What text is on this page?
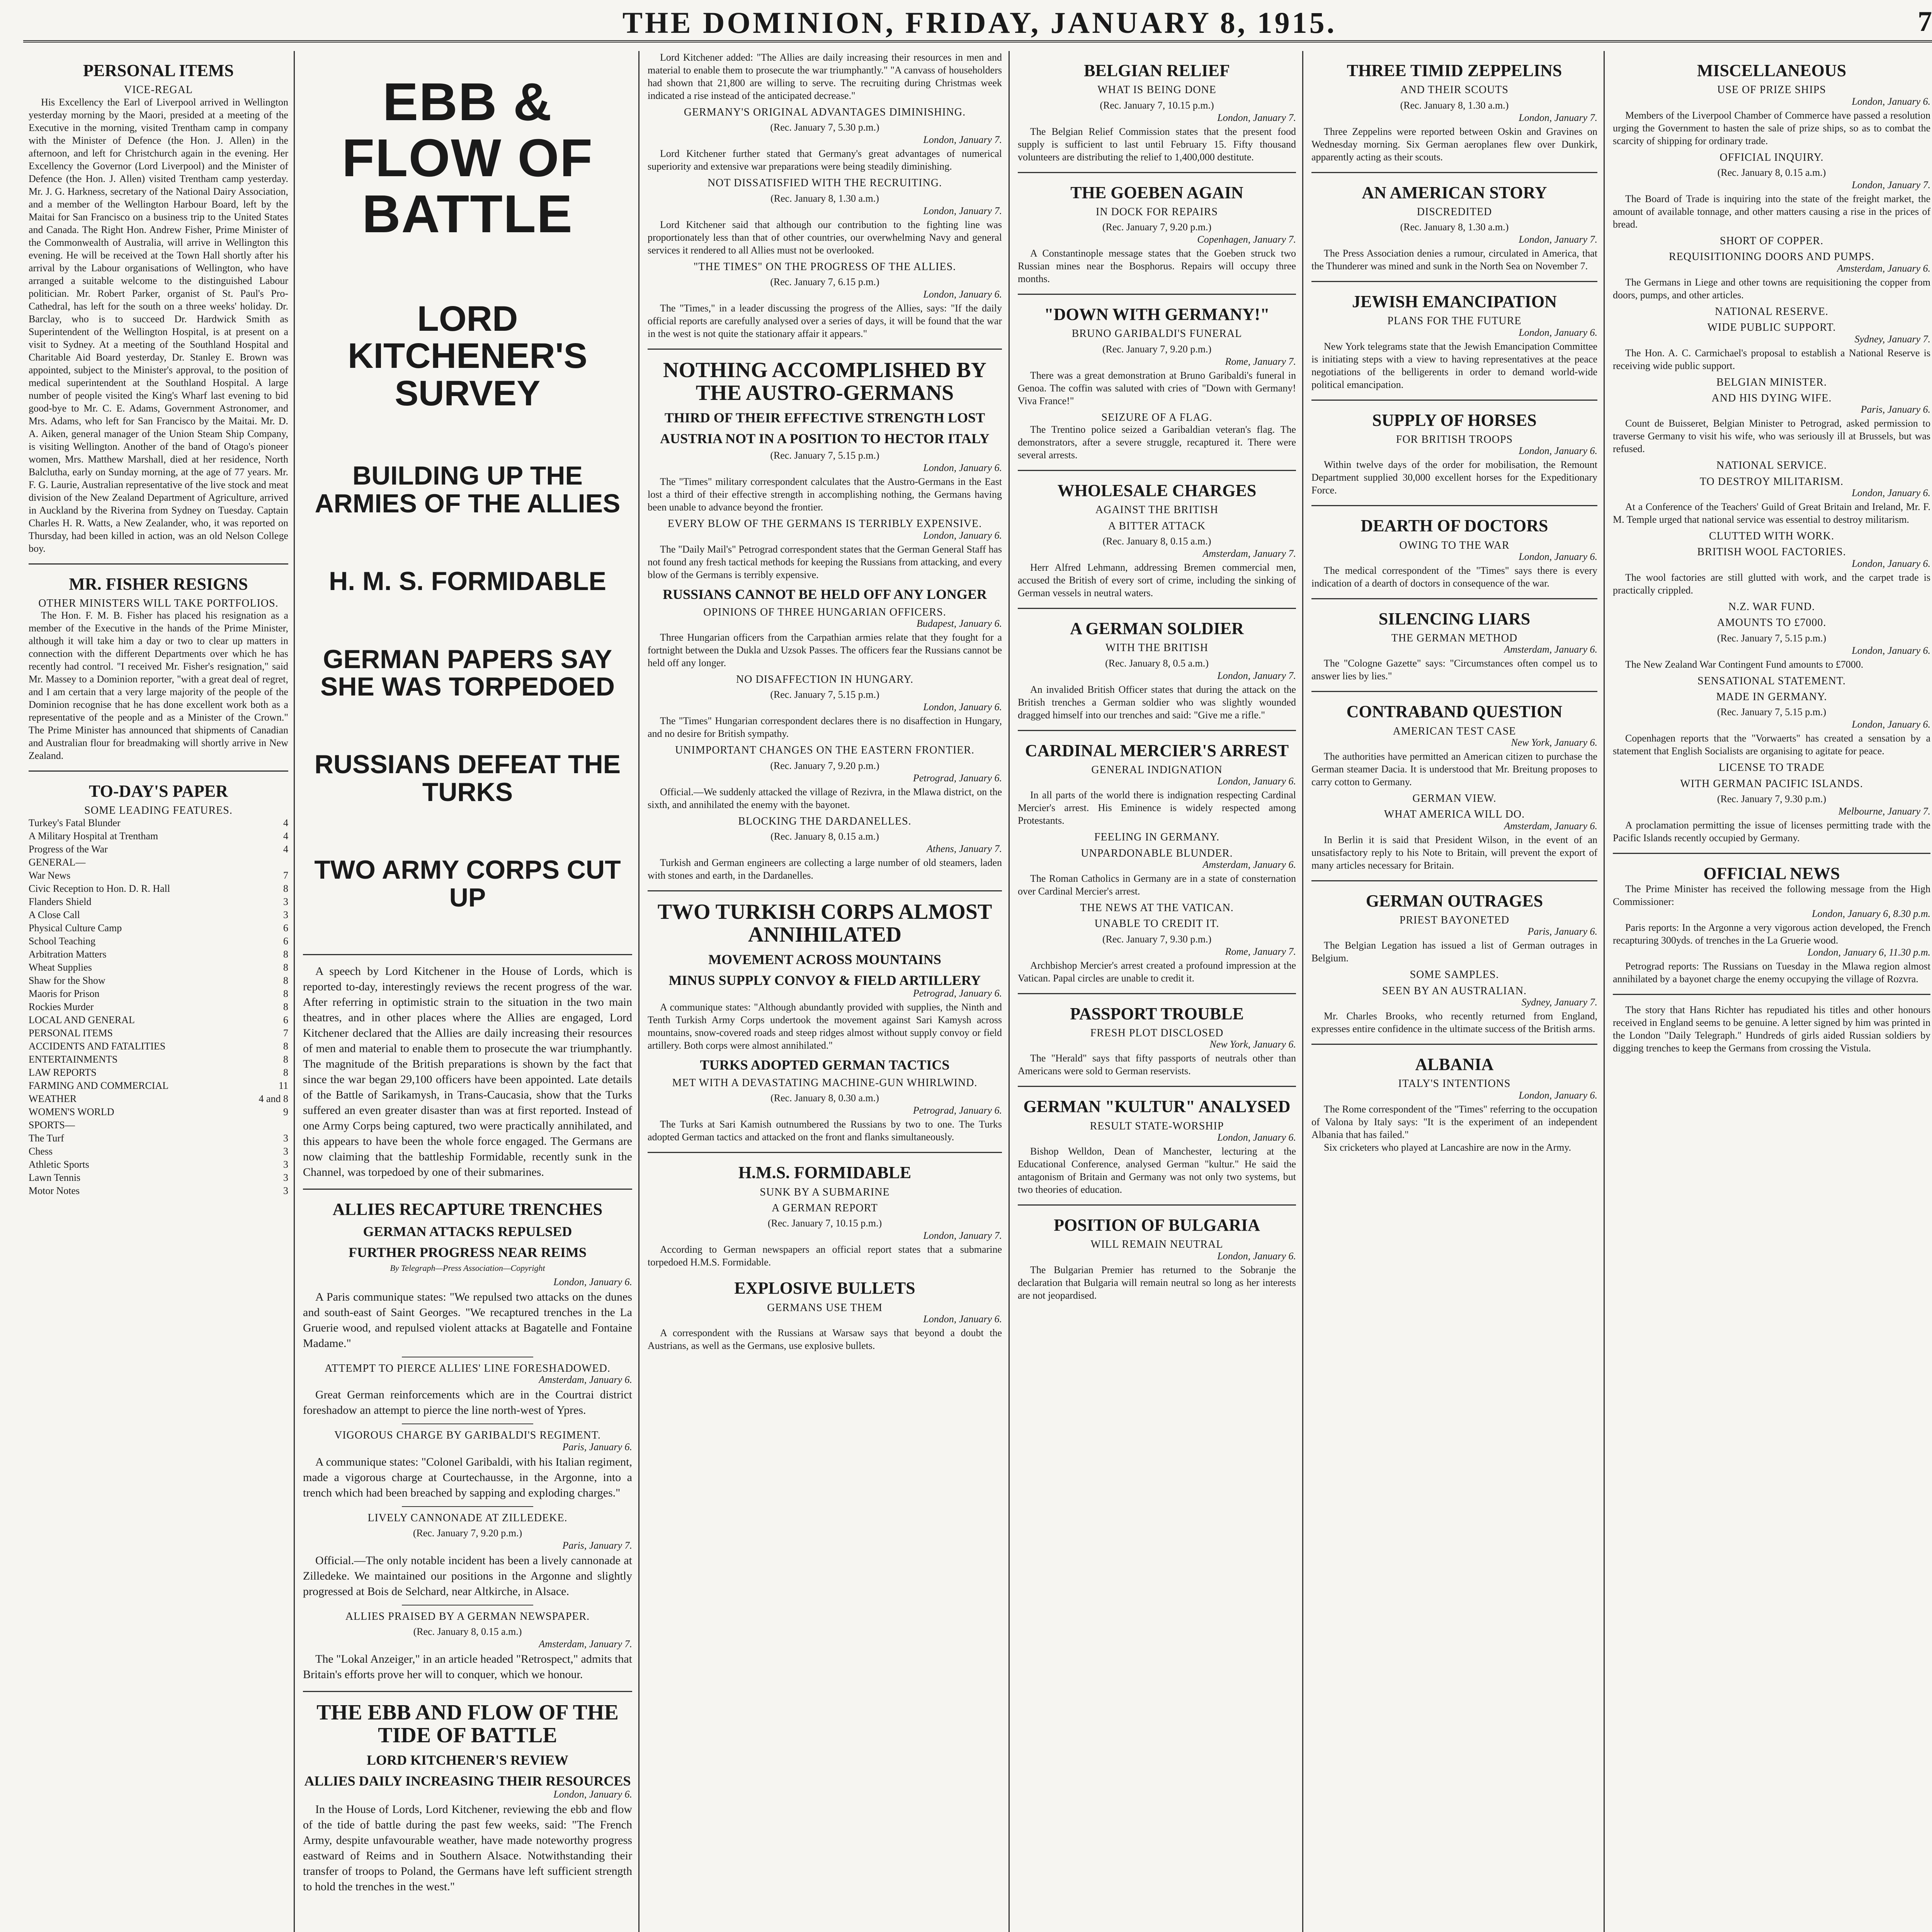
THE DOMINION, FRIDAY, JANUARY 8, 1915.	7

PERSONAL ITEMS

VICE-REGAL

His Excellency the Earl of Liverpool arrived in Wellington yesterday morning by the Maori, presided at a meeting of the Executive in the morning, visited Trentham camp in company with the Minister of Defence (the Hon. J. Allen) in the afternoon, and left for Christchurch again in the evening. Her Excellency the Governor (Lord Liverpool) and the Minister of Defence (the Hon. J. Allen) visited Trentham camp yesterday. Mr. J. G. Harkness, secretary of the National Dairy Association, and a member of the Wellington Harbour Board, left by the Maitai for San Francisco on a business trip to the United States and Canada. The Right Hon. Andrew Fisher, Prime Minister of the Commonwealth of Australia, will arrive in Wellington this evening. He will be received at the Town Hall shortly after his arrival by the Labour organisations of Wellington, who have arranged a suitable welcome to the distinguished Labour politician. Mr. Robert Parker, organist of St. Paul's Pro-Cathedral, has left for the south on a three weeks' holiday. Dr. Barclay, who is to succeed Dr. Hardwick Smith as Superintendent of the Wellington Hospital, is at present on a visit to Sydney. At a meeting of the Southland Hospital and Charitable Aid Board yesterday, Dr. Stanley E. Brown was appointed, subject to the Minister's approval, to the position of medical superintendent at the Southland Hospital. A large number of people visited the King's Wharf last evening to bid good-bye to Mr. C. E. Adams, Government Astronomer, and Mrs. Adams, who left for San Francisco by the Maitai. Mr. D. A. Aiken, general manager of the Union Steam Ship Company, is visiting Wellington. Another of the band of Otago's pioneer women, Mrs. Matthew Marshall, died at her residence, North Balclutha, early on Sunday morning, at the age of 77 years. Mr. F. G. Laurie, Australian representative of the live stock and meat division of the New Zealand Department of Agriculture, arrived in Auckland by the Riverina from Sydney on Tuesday. Captain Charles H. R. Watts, a New Zealander, who, it was reported on Thursday, had been killed in action, was an old Nelson College boy.

MR. FISHER RESIGNS

OTHER MINISTERS WILL TAKE PORTFOLIOS.

The Hon. F. M. B. Fisher has placed his resignation as a member of the Executive in the hands of the Prime Minister, although it will take him a day or two to clear up matters in connection with the different Departments over which he has recently had control. "I received Mr. Fisher's resignation," said Mr. Massey to a Dominion reporter, "with a great deal of regret, and I am certain that a very large majority of the people of the Dominion recognise that he has done excellent work both as a representative of the people and as a Minister of the Crown." The Prime Minister has announced that shipments of Canadian and Australian flour for breadmaking will shortly arrive in New Zealand.

TO-DAY'S PAPER

SOME LEADING FEATURES.

Turkey's Fatal Blunder	4
A Military Hospital at Trentham	4
Progress of the War	4
GENERAL—
War News	7
Civic Reception to Hon. D. R. Hall	8
Flanders Shield	3
A Close Call	3
Physical Culture Camp	6
School Teaching	6
Arbitration Matters	8
Wheat Supplies	8
Shaw for the Show	8
Maoris for Prison	8
Rockies Murder	8
LOCAL AND GENERAL	6
PERSONAL ITEMS	7
ACCIDENTS AND FATALITIES	8
ENTERTAINMENTS	8
LAW REPORTS	8
FARMING AND COMMERCIAL	11
WEATHER	4 and 8
WOMEN'S WORLD	9
SPORTS—
The Turf	3
Chess	3
Athletic Sports	3
Lawn Tennis	3
Motor Notes	3

EBB & FLOW OF BATTLE

LORD KITCHENER'S SURVEY

BUILDING UP THE ARMIES OF THE ALLIES

H. M. S. FORMIDABLE

GERMAN PAPERS SAY SHE WAS TORPEDOED

RUSSIANS DEFEAT THE TURKS

TWO ARMY CORPS CUT UP

A speech by Lord Kitchener in the House of Lords, which is reported to-day, interestingly reviews the recent progress of the war. After referring in optimistic strain to the situation in the two main theatres, and in other places where the Allies are engaged, Lord Kitchener declared that the Allies are daily increasing their resources of men and material to enable them to prosecute the war triumphantly. The magnitude of the British preparations is shown by the fact that since the war began 29,100 officers have been appointed. Late details of the Battle of Sarikamysh, in Trans-Caucasia, show that the Turks suffered an even greater disaster than was at first reported. Instead of one Army Corps being captured, two were practically annihilated, and this appears to have been the whole force engaged. The Germans are now claiming that the battleship Formidable, recently sunk in the Channel, was torpedoed by one of their submarines.

ALLIES RECAPTURE TRENCHES

GERMAN ATTACKS REPULSED

FURTHER PROGRESS NEAR REIMS

By Telegraph—Press Association—Copyright

London, January 6.

A Paris communique states: "We repulsed two attacks on the dunes and south-east of Saint Georges. "We recaptured trenches in the La Gruerie wood, and repulsed violent attacks at Bagatelle and Fontaine Madame."

ATTEMPT TO PIERCE ALLIES' LINE FORESHADOWED.

Amsterdam, January 6.

Great German reinforcements which are in the Courtrai district foreshadow an attempt to pierce the line north-west of Ypres.

VIGOROUS CHARGE BY GARIBALDI'S REGIMENT.

Paris, January 6.

A communique states: "Colonel Garibaldi, with his Italian regiment, made a vigorous charge at Courtechausse, in the Argonne, into a trench which had been breached by sapping and exploding charges."

LIVELY CANNONADE AT ZILLEDEKE.

(Rec. January 7, 9.20 p.m.)

Paris, January 7.

Official.—The only notable incident has been a lively cannonade at Zilledeke. We maintained our positions in the Argonne and slightly progressed at Bois de Selchard, near Altkirche, in Alsace.

ALLIES PRAISED BY A GERMAN NEWSPAPER.

(Rec. January 8, 0.15 a.m.)

Amsterdam, January 7.

The "Lokal Anzeiger," in an article headed "Retrospect," admits that Britain's efforts prove her will to conquer, which we honour.

THE EBB AND FLOW OF THE TIDE OF BATTLE

LORD KITCHENER'S REVIEW

ALLIES DAILY INCREASING THEIR RESOURCES

London, January 6.

In the House of Lords, Lord Kitchener, reviewing the ebb and flow of the tide of battle during the past few weeks, said: "The French Army, despite unfavourable weather, have made noteworthy progress eastward of Reims and in Southern Alsace. Notwithstanding their transfer of troops to Poland, the Germans have left sufficient strength to hold the trenches in the west."

Lord Kitchener added: "The Allies are daily increasing their resources in men and material to enable them to prosecute the war triumphantly." "A canvass of householders had shown that 21,800 are willing to serve. The recruiting during Christmas week indicated a rise instead of the anticipated decrease."

GERMANY'S ORIGINAL ADVANTAGES DIMINISHING.

(Rec. January 7, 5.30 p.m.)

London, January 7.

Lord Kitchener further stated that Germany's great advantages of numerical superiority and extensive war preparations were being steadily diminishing.

NOT DISSATISFIED WITH THE RECRUITING.

(Rec. January 8, 1.30 a.m.)

London, January 7.

Lord Kitchener said that although our contribution to the fighting line was proportionately less than that of other countries, our overwhelming Navy and general services it rendered to all Allies must not be overlooked.

"THE TIMES" ON THE PROGRESS OF THE ALLIES.

(Rec. January 7, 6.15 p.m.)

London, January 6.

The "Times," in a leader discussing the progress of the Allies, says: "If the daily official reports are carefully analysed over a series of days, it will be found that the war in the west is not quite the stationary affair it appears."

NOTHING ACCOMPLISHED BY THE AUSTRO-GERMANS

THIRD OF THEIR EFFECTIVE STRENGTH LOST

AUSTRIA NOT IN A POSITION TO HECTOR ITALY

(Rec. January 7, 5.15 p.m.)

London, January 6.

The "Times" military correspondent calculates that the Austro-Germans in the East lost a third of their effective strength in accomplishing nothing, the Germans having been unable to advance beyond the frontier.

EVERY BLOW OF THE GERMANS IS TERRIBLY EXPENSIVE.

London, January 6.

The "Daily Mail's" Petrograd correspondent states that the German General Staff has not found any fresh tactical methods for keeping the Russians from attacking, and every blow of the Germans is terribly expensive.

RUSSIANS CANNOT BE HELD OFF ANY LONGER

OPINIONS OF THREE HUNGARIAN OFFICERS.

Budapest, January 6.

Three Hungarian officers from the Carpathian armies relate that they fought for a fortnight between the Dukla and Uzsok Passes. The officers fear the Russians cannot be held off any longer.

NO DISAFFECTION IN HUNGARY.

(Rec. January 7, 5.15 p.m.)

London, January 6.

The "Times" Hungarian correspondent declares there is no disaffection in Hungary, and no desire for British sympathy.

UNIMPORTANT CHANGES ON THE EASTERN FRONTIER.

(Rec. January 7, 9.20 p.m.)

Petrograd, January 6.

Official.—We suddenly attacked the village of Rezivra, in the Mlawa district, on the sixth, and annihilated the enemy with the bayonet.

BLOCKING THE DARDANELLES.

(Rec. January 8, 0.15 a.m.)

Athens, January 7.

Turkish and German engineers are collecting a large number of old steamers, laden with stones and earth, in the Dardanelles.

TWO TURKISH CORPS ALMOST ANNIHILATED

MOVEMENT ACROSS MOUNTAINS

MINUS SUPPLY CONVOY & FIELD ARTILLERY

Petrograd, January 6.

A communique states: "Although abundantly provided with supplies, the Ninth and Tenth Turkish Army Corps undertook the movement against Sari Kamysh across mountains, snow-covered roads and steep ridges almost without supply convoy or field artillery. Both corps were almost annihilated."

TURKS ADOPTED GERMAN TACTICS

MET WITH A DEVASTATING MACHINE-GUN WHIRLWIND.

(Rec. January 8, 0.30 a.m.)

Petrograd, January 6.

The Turks at Sari Kamish outnumbered the Russians by two to one. The Turks adopted German tactics and attacked on the front and flanks simultaneously.

H.M.S. FORMIDABLE

SUNK BY A SUBMARINE

A GERMAN REPORT

(Rec. January 7, 10.15 p.m.)

London, January 7.

According to German newspapers an official report states that a submarine torpedoed H.M.S. Formidable.

EXPLOSIVE BULLETS

GERMANS USE THEM

London, January 6.

A correspondent with the Russians at Warsaw says that beyond a doubt the Austrians, as well as the Germans, use explosive bullets.

BELGIAN RELIEF

WHAT IS BEING DONE

(Rec. January 7, 10.15 p.m.)

London, January 7.

The Belgian Relief Commission states that the present food supply is sufficient to last until February 15. Fifty thousand volunteers are distributing the relief to 1,400,000 destitute.

THE GOEBEN AGAIN

IN DOCK FOR REPAIRS

(Rec. January 7, 9.20 p.m.)

Copenhagen, January 7.

A Constantinople message states that the Goeben struck two Russian mines near the Bosphorus. Repairs will occupy three months.

"DOWN WITH GERMANY!"

BRUNO GARIBALDI'S FUNERAL

(Rec. January 7, 9.20 p.m.)

Rome, January 7.

There was a great demonstration at Bruno Garibaldi's funeral in Genoa. The coffin was saluted with cries of "Down with Germany! Viva France!"

SEIZURE OF A FLAG.

The Trentino police seized a Garibaldian veteran's flag. The demonstrators, after a severe struggle, recaptured it. There were several arrests.

WHOLESALE CHARGES

AGAINST THE BRITISH

A BITTER ATTACK

(Rec. January 8, 0.15 a.m.)

Amsterdam, January 7.

Herr Alfred Lehmann, addressing Bremen commercial men, accused the British of every sort of crime, including the sinking of German vessels in neutral waters.

A GERMAN SOLDIER

WITH THE BRITISH

(Rec. January 8, 0.5 a.m.)

London, January 7.

An invalided British Officer states that during the attack on the British trenches a German soldier who was slightly wounded dragged himself into our trenches and said: "Give me a rifle."

CARDINAL MERCIER'S ARREST

GENERAL INDIGNATION

London, January 6.

In all parts of the world there is indignation respecting Cardinal Mercier's arrest. His Eminence is widely respected among Protestants.

FEELING IN GERMANY.

UNPARDONABLE BLUNDER.

Amsterdam, January 6.

The Roman Catholics in Germany are in a state of consternation over Cardinal Mercier's arrest.

THE NEWS AT THE VATICAN.

UNABLE TO CREDIT IT.

(Rec. January 7, 9.30 p.m.)

Rome, January 7.

Archbishop Mercier's arrest created a profound impression at the Vatican. Papal circles are unable to credit it.

PASSPORT TROUBLE

FRESH PLOT DISCLOSED

New York, January 6.

The "Herald" says that fifty passports of neutrals other than Americans were sold to German reservists.

GERMAN "KULTUR" ANALYSED

RESULT STATE-WORSHIP

London, January 6.

Bishop Welldon, Dean of Manchester, lecturing at the Educational Conference, analysed German "kultur." He said the antagonism of Britain and Germany was not only two systems, but two theories of education.

POSITION OF BULGARIA

WILL REMAIN NEUTRAL

London, January 6.

The Bulgarian Premier has returned to the Sobranje the declaration that Bulgaria will remain neutral so long as her interests are not jeopardised.

THREE TIMID ZEPPELINS

AND THEIR SCOUTS

(Rec. January 8, 1.30 a.m.)

London, January 7.

Three Zeppelins were reported between Oskin and Gravines on Wednesday morning. Six German aeroplanes flew over Dunkirk, apparently acting as their scouts.

AN AMERICAN STORY

DISCREDITED

(Rec. January 8, 1.30 a.m.)

London, January 7.

The Press Association denies a rumour, circulated in America, that the Thunderer was mined and sunk in the North Sea on November 7.

JEWISH EMANCIPATION

PLANS FOR THE FUTURE

London, January 6.

New York telegrams state that the Jewish Emancipation Committee is initiating steps with a view to having representatives at the peace negotiations of the belligerents in order to demand world-wide political emancipation.

SUPPLY OF HORSES

FOR BRITISH TROOPS

London, January 6.

Within twelve days of the order for mobilisation, the Remount Department supplied 30,000 excellent horses for the Expeditionary Force.

DEARTH OF DOCTORS

OWING TO THE WAR

London, January 6.

The medical correspondent of the "Times" says there is every indication of a dearth of doctors in consequence of the war.

SILENCING LIARS

THE GERMAN METHOD

Amsterdam, January 6.

The "Cologne Gazette" says: "Circumstances often compel us to answer lies by lies."

CONTRABAND QUESTION

AMERICAN TEST CASE

New York, January 6.

The authorities have permitted an American citizen to purchase the German steamer Dacia. It is understood that Mr. Breitung proposes to carry cotton to Germany.

GERMAN VIEW.

WHAT AMERICA WILL DO.

Amsterdam, January 6.

In Berlin it is said that President Wilson, in the event of an unsatisfactory reply to his Note to Britain, will prevent the export of many articles necessary for Britain.

GERMAN OUTRAGES

PRIEST BAYONETED

Paris, January 6.

The Belgian Legation has issued a list of German outrages in Belgium.

SOME SAMPLES.

SEEN BY AN AUSTRALIAN.

Sydney, January 7.

Mr. Charles Brooks, who recently returned from England, expresses entire confidence in the ultimate success of the British arms.

ALBANIA

ITALY'S INTENTIONS

London, January 6.

The Rome correspondent of the "Times" referring to the occupation of Valona by Italy says: "It is the experiment of an independent Albania that has failed."

Six cricketers who played at Lancashire are now in the Army.

MISCELLANEOUS

USE OF PRIZE SHIPS

London, January 6.

Members of the Liverpool Chamber of Commerce have passed a resolution urging the Government to hasten the sale of prize ships, so as to combat the scarcity of shipping for ordinary trade.

OFFICIAL INQUIRY.

(Rec. January 8, 0.15 a.m.)

London, January 7.

The Board of Trade is inquiring into the state of the freight market, the amount of available tonnage, and other matters causing a rise in the prices of bread.

SHORT OF COPPER.

REQUISITIONING DOORS AND PUMPS.

Amsterdam, January 6.

The Germans in Liege and other towns are requisitioning the copper from doors, pumps, and other articles.

NATIONAL RESERVE.

WIDE PUBLIC SUPPORT.

Sydney, January 7.

The Hon. A. C. Carmichael's proposal to establish a National Reserve is receiving wide public support.

BELGIAN MINISTER.

AND HIS DYING WIFE.

Paris, January 6.

Count de Buisseret, Belgian Minister to Petrograd, asked permission to traverse Germany to visit his wife, who was seriously ill at Brussels, but was refused.

NATIONAL SERVICE.

TO DESTROY MILITARISM.

London, January 6.

At a Conference of the Teachers' Guild of Great Britain and Ireland, Mr. F. M. Temple urged that national service was essential to destroy militarism.

CLUTTED WITH WORK.

BRITISH WOOL FACTORIES.

London, January 6.

The wool factories are still glutted with work, and the carpet trade is practically crippled.

N.Z. WAR FUND.

AMOUNTS TO £7000.

(Rec. January 7, 5.15 p.m.)

London, January 6.

The New Zealand War Contingent Fund amounts to £7000.

SENSATIONAL STATEMENT.

MADE IN GERMANY.

(Rec. January 7, 5.15 p.m.)

London, January 6.

Copenhagen reports that the "Vorwaerts" has created a sensation by a statement that English Socialists are organising to agitate for peace.

LICENSE TO TRADE

WITH GERMAN PACIFIC ISLANDS.

(Rec. January 7, 9.30 p.m.)

Melbourne, January 7.

A proclamation permitting the issue of licenses permitting trade with the Pacific Islands recently occupied by Germany.

OFFICIAL NEWS

The Prime Minister has received the following message from the High Commissioner:

London, January 6, 8.30 p.m.

Paris reports: In the Argonne a very vigorous action developed, the French recapturing 300yds. of trenches in the La Gruerie wood.

London, January 6, 11.30 p.m.

Petrograd reports: The Russians on Tuesday in the Mlawa region almost annihilated by a bayonet charge the enemy occupying the village of Rozvra.

The story that Hans Richter has repudiated his titles and other honours received in England seems to be genuine. A letter signed by him was printed in the London "Daily Telegraph." Hundreds of girls aided Russian soldiers by digging trenches to keep the Germans from crossing the Vistula.
